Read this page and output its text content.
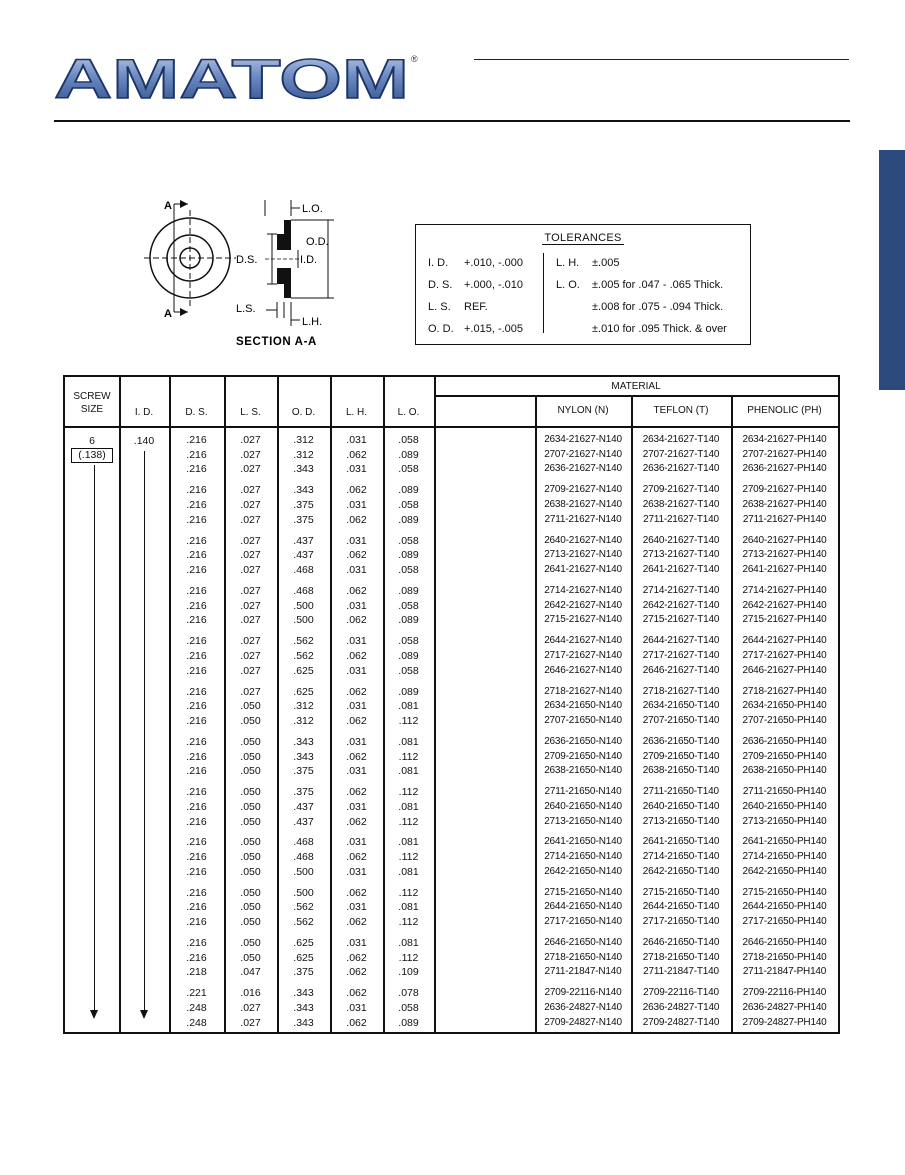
AMATOM ®
A
A
L.O.
O.D.
D.S.	I.D.
L.S.
L.H.
SECTION A-A
TOLERANCES
I. D. +.010, -.000
D. S. +.000, -.010
L. S. REF.
O. D. +.015, -.005
L. H. ±.005
L. O. ±.005 for .047 - .065 Thick.
±.008 for .075 - .094 Thick.
±.010 for .095 Thick. & over
SCREW
SIZE	I. D.	D. S.	L. S.	O. D.	L. H.	L. O.
MATERIAL
NYLON (N)	TEFLON (T)	PHENOLIC (PH)
6
(.138)
.140	.216	.027	.312	.031	.058	2634-21627-N140	2634-21627-T140	2634-21627-PH140
.216	.027	.312	.062	.089	2707-21627-N140	2707-21627-T140	2707-21627-PH140
.216	.027	.343	.031	.058	2636-21627-N140	2636-21627-T140	2636-21627-PH140
.216	.027	.343	.062	.089	2709-21627-N140	2709-21627-T140	2709-21627-PH140
.216	.027	.375	.031	.058	2638-21627-N140	2638-21627-T140	2638-21627-PH140
.216	.027	.375	.062	.089	2711-21627-N140	2711-21627-T140	2711-21627-PH140
.216	.027	.437	.031	.058	2640-21627-N140	2640-21627-T140	2640-21627-PH140
.216	.027	.437	.062	.089	2713-21627-N140	2713-21627-T140	2713-21627-PH140
.216	.027	.468	.031	.058	2641-21627-N140	2641-21627-T140	2641-21627-PH140
.216	.027	.468	.062	.089	2714-21627-N140	2714-21627-T140	2714-21627-PH140
.216	.027	.500	.031	.058	2642-21627-N140	2642-21627-T140	2642-21627-PH140
.216	.027	.500	.062	.089	2715-21627-N140	2715-21627-T140	2715-21627-PH140
.216	.027	.562	.031	.058	2644-21627-N140	2644-21627-T140	2644-21627-PH140
.216	.027	.562	.062	.089	2717-21627-N140	2717-21627-T140	2717-21627-PH140
.216	.027	.625	.031	.058	2646-21627-N140	2646-21627-T140	2646-21627-PH140
.216	.027	.625	.062	.089	2718-21627-N140	2718-21627-T140	2718-21627-PH140
.216	.050	.312	.031	.081	2634-21650-N140	2634-21650-T140	2634-21650-PH140
.216	.050	.312	.062	.112	2707-21650-N140	2707-21650-T140	2707-21650-PH140
.216	.050	.343	.031	.081	2636-21650-N140	2636-21650-T140	2636-21650-PH140
.216	.050	.343	.062	.112	2709-21650-N140	2709-21650-T140	2709-21650-PH140
.216	.050	.375	.031	.081	2638-21650-N140	2638-21650-T140	2638-21650-PH140
.216	.050	.375	.062	.112	2711-21650-N140	2711-21650-T140	2711-21650-PH140
.216	.050	.437	.031	.081	2640-21650-N140	2640-21650-T140	2640-21650-PH140
.216	.050	.437	.062	.112	2713-21650-N140	2713-21650-T140	2713-21650-PH140
.216	.050	.468	.031	.081	2641-21650-N140	2641-21650-T140	2641-21650-PH140
.216	.050	.468	.062	.112	2714-21650-N140	2714-21650-T140	2714-21650-PH140
.216	.050	.500	.031	.081	2642-21650-N140	2642-21650-T140	2642-21650-PH140
.216	.050	.500	.062	.112	2715-21650-N140	2715-21650-T140	2715-21650-PH140
.216	.050	.562	.031	.081	2644-21650-N140	2644-21650-T140	2644-21650-PH140
.216	.050	.562	.062	.112	2717-21650-N140	2717-21650-T140	2717-21650-PH140
.216	.050	.625	.031	.081	2646-21650-N140	2646-21650-T140	2646-21650-PH140
.216	.050	.625	.062	.112	2718-21650-N140	2718-21650-T140	2718-21650-PH140
.218	.047	.375	.062	.109	2711-21847-N140	2711-21847-T140	2711-21847-PH140
.221	.016	.343	.062	.078	2709-22116-N140	2709-22116-T140	2709-22116-PH140
.248	.027	.343	.031	.058	2636-24827-N140	2636-24827-T140	2636-24827-PH140
.248	.027	.343	.062	.089	2709-24827-N140	2709-24827-T140	2709-24827-PH140
